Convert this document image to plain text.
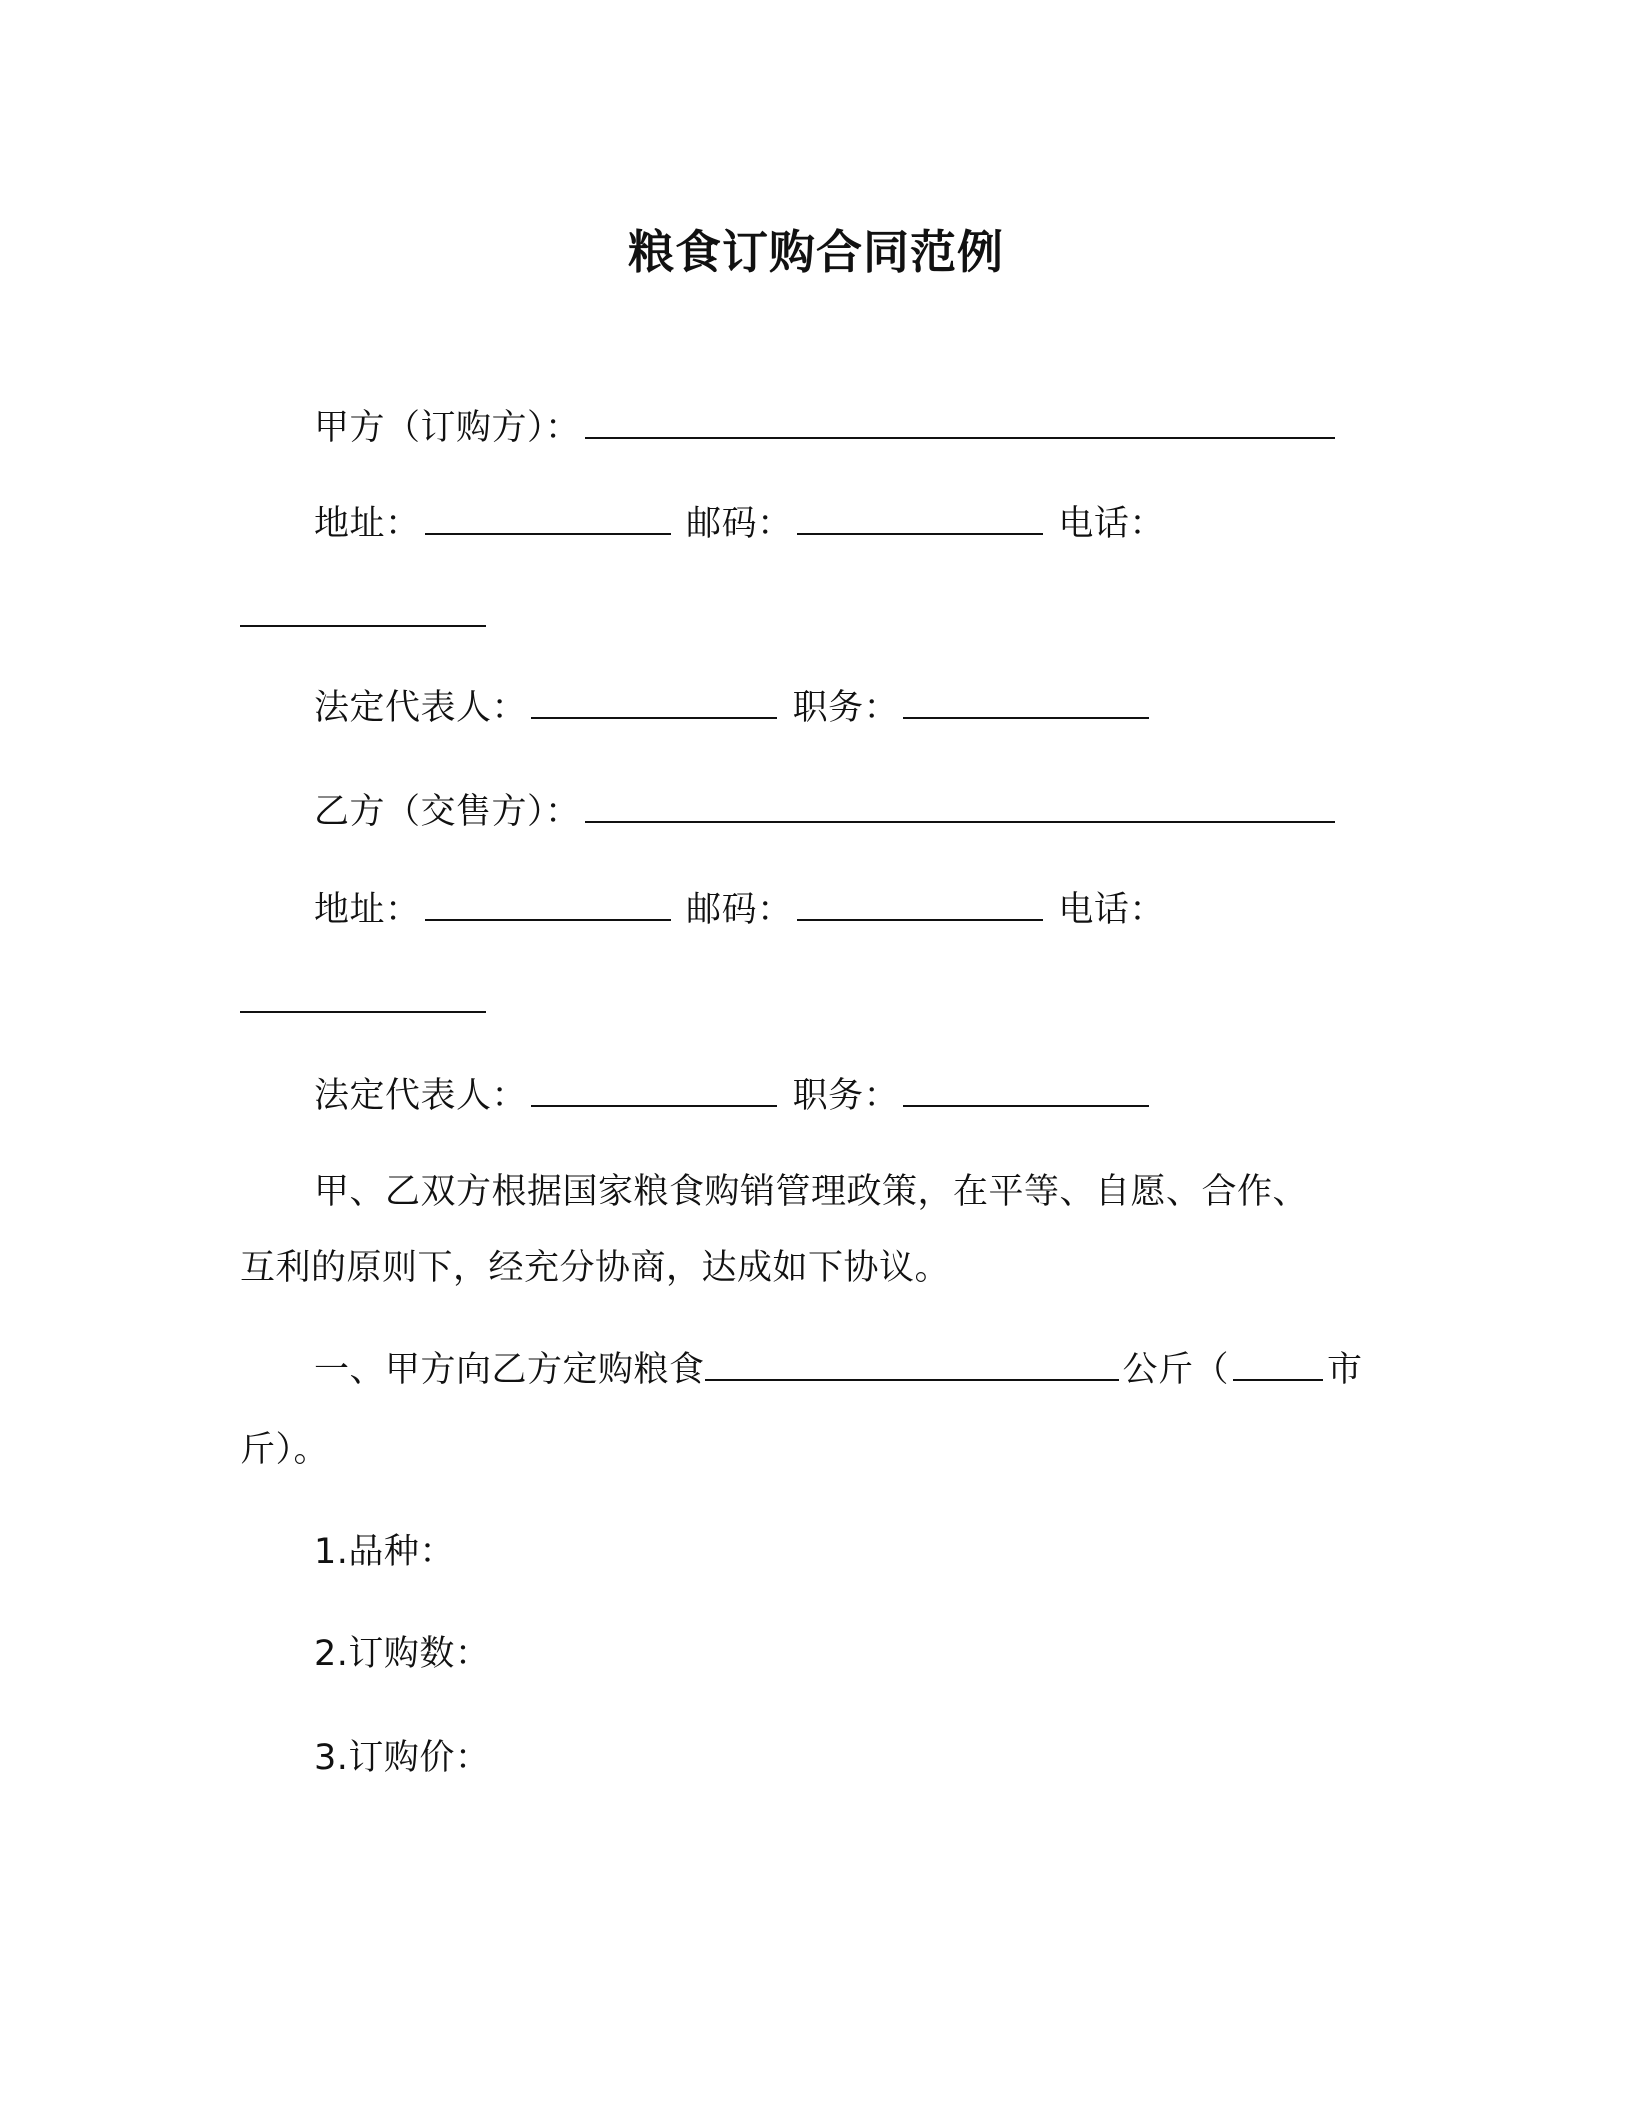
粮食订购合同范例
甲方（订购方）：
地址：	邮码：	电话：
法定代表人：	职务：
乙方（交售方）：
地址：	邮码：	电话：
法定代表人：	职务：
甲、乙双方根据国家粮食购销管理政策，在平等、自愿、合作、
互利的原则下，经充分协商，达成如下协议。
一、甲方向乙方定购粮食	公斤（	市
斤）。
1.品种：
2.订购数：
3.订购价：
